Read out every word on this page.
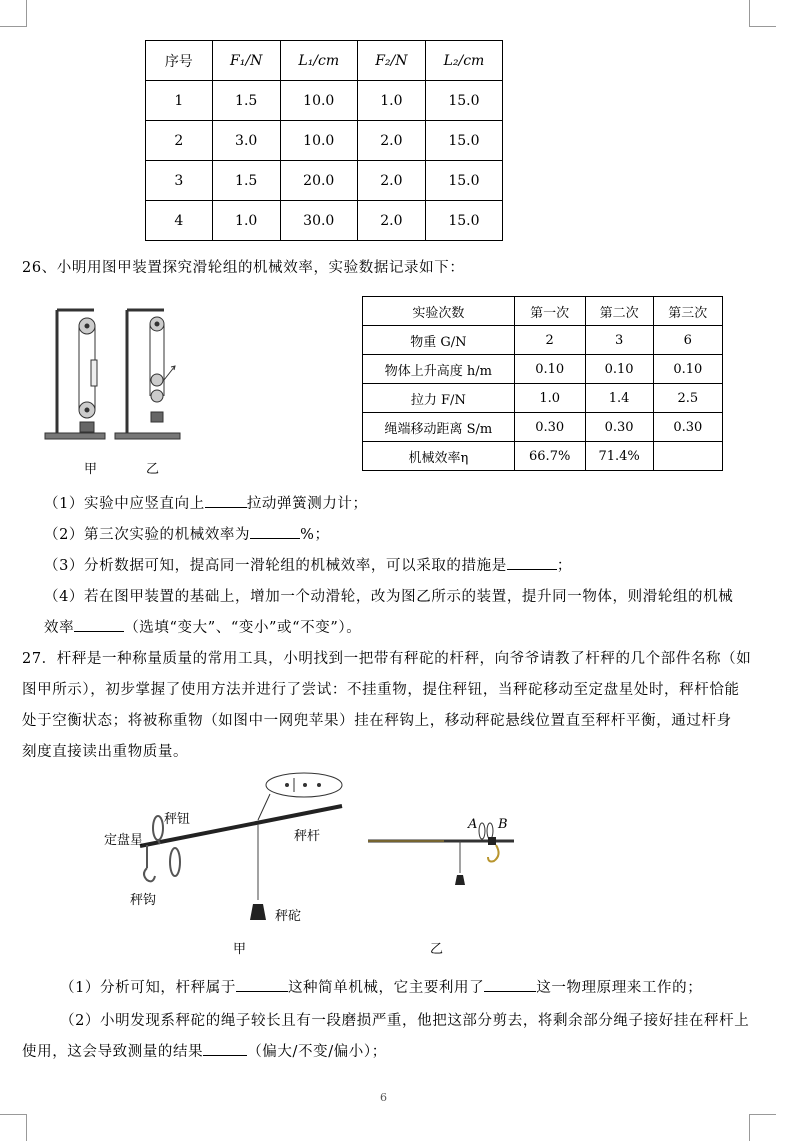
序号	F₁/N	L₁/cm	F₂/N	L₂/cm
1	1.5	10.0	1.0	15.0
2	3.0	10.0	2.0	15.0
3	1.5	20.0	2.0	15.0
4	1.0	30.0	2.0	15.0
26、小明用图甲装置探究滑轮组的机械效率，实验数据记录如下：
甲	乙
实验次数	第一次	第二次	第三次
物重 G/N	2	3	6
物体上升高度 h/m	0.10	0.10	0.10
拉力 F/N	1.0	1.4	2.5
绳端移动距离 S/m	0.30	0.30	0.30
机械效率η	66.7%	71.4%	
（1）实验中应竖直向上	拉动弹簧测力计；
（2）第三次实验的机械效率为	%；
（3）分析数据可知，提高同一滑轮组的机械效率，可以采取的措施是	；
（4）若在图甲装置的基础上，增加一个动滑轮，改为图乙所示的装置，提升同一物体，则滑轮组的机械
效率	（选填“变大”、“变小”或“不变”）。
27．杆秤是一种称量质量的常用工具，小明找到一把带有秤砣的杆秤，向爷爷请教了杆秤的几个部件名称（如
图甲所示），初步掌握了使用方法并进行了尝试：不挂重物，提住秤钮，当秤砣移动至定盘星处时，秤杆恰能
处于空衡状态；将被称重物（如图中一网兜苹果）挂在秤钩上，移动秤砣悬线位置直至秤杆平衡，通过杆身
刻度直接读出重物质量。
秤钮
定盘星	秤杆
秤钩
秤砣
甲
A B
乙
（1）分析可知，杆秤属于	这种简单机械，它主要利用了	这一物理原理来工作的；
（2）小明发现系秤砣的绳子较长且有一段磨损严重，他把这部分剪去，将剩余部分绳子接好挂在秤杆上
使用，这会导致测量的结果	（偏大/不变/偏小）；
6
